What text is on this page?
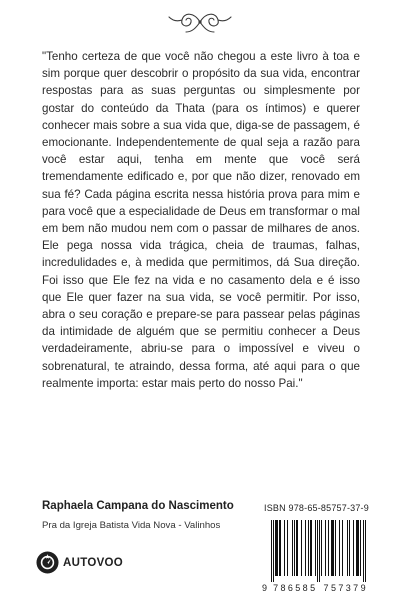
"Tenho certeza de que você não chegou a este livro à toa e sim porque quer descobrir o propósito da sua vida, encontrar respostas para as suas perguntas ou simplesmente por gostar do conteúdo da Thata (para os íntimos) e querer conhecer mais sobre a sua vida que, diga-se de passagem, é emocionante. Independentemente de qual seja a razão para você estar aqui, tenha em mente que você será tremendamente edificado e, por que não dizer, renovado em sua fé? Cada página escrita nessa história prova para mim e para você que a especialidade de Deus em transformar o mal em bem não mudou nem com o passar de milhares de anos. Ele pega nossa vida trágica, cheia de traumas, falhas, incredulidades e, à medida que permitimos, dá Sua direção. Foi isso que Ele fez na vida e no casamento dela e é isso que Ele quer fazer na sua vida, se você permitir. Por isso, abra o seu coração e prepare-se para passear pelas páginas da intimidade de alguém que se permitiu conhecer a Deus verdadeiramente, abriu-se para o impossível e viveu o sobrenatural, te atraindo, dessa forma, até aqui para o que realmente importa: estar mais perto do nosso Pai."

Raphaela Campana do Nascimento
Pra da Igreja Batista Vida Nova - Valinhos
ISBN 978-65-85757-37-9
AUTOVOO
9 786585 757379
